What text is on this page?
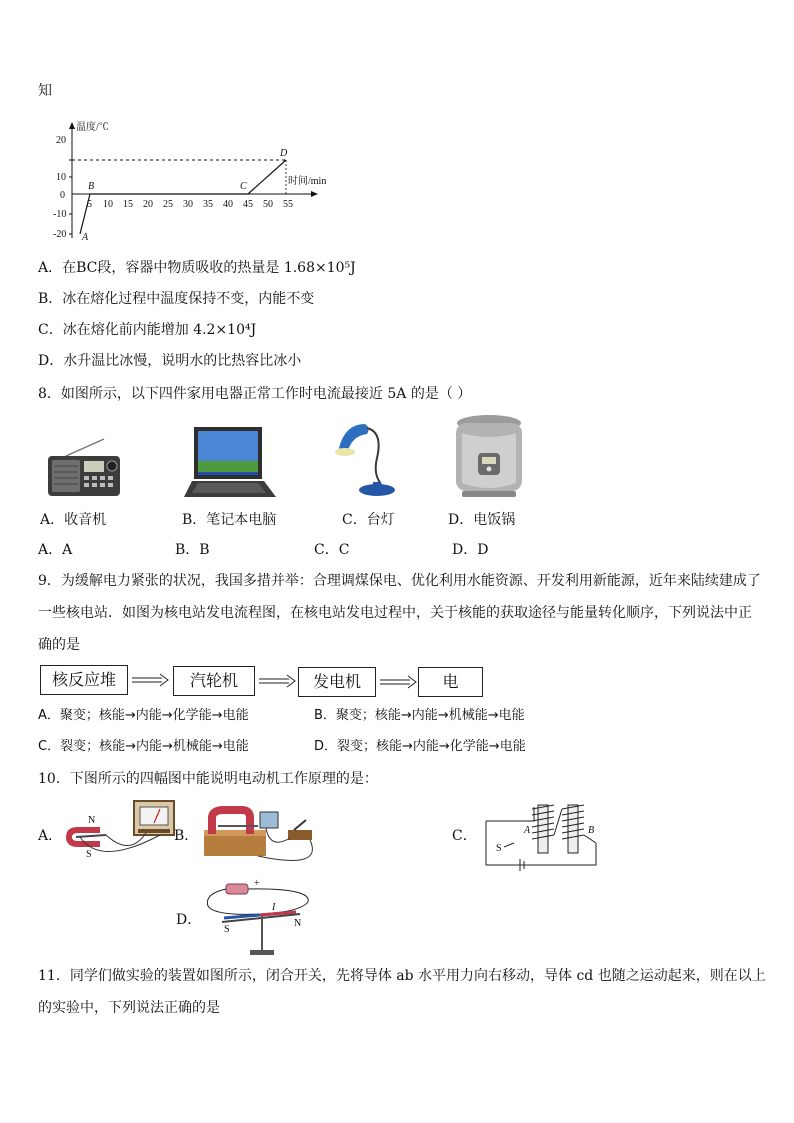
知
温度/℃
时间/min
20
10
0
-10
-20
5 10 15 20 25 30 35 40 45 50 55
A
B	C
D
A．在BC段，容器中物质吸收的热量是 1.68×10⁵J
B．冰在熔化过程中温度保持不变，内能不变
C．冰在熔化前内能增加 4.2×10⁴J
D．水升温比冰慢，说明水的比热容比冰小
8．如图所示，以下四件家用电器正常工作时电流最接近 5A 的是（ ）
A．收音机	B．笔记本电脑	C．台灯	D．电饭锅
A．A	B．B	C．C	D．D
9．为缓解电力紧张的状况，我国多措并举：合理调煤保电、优化利用水能资源、开发利用新能源，近年来陆续建成了
一些核电站．如图为核电站发电流程图，在核电站发电过程中，关于核能的获取途径与能量转化顺序，下列说法中正
确的是
核反应堆	汽轮机	发电机	电
A．聚变；核能→内能→化学能→电能	B．聚变；核能→内能→机械能→电能
C．裂变；核能→内能→机械能→电能	D．裂变；核能→内能→化学能→电能
10．下图所示的四幅图中能说明电动机工作原理的是：
A．
N
S
B．	C．	A	B
S
D．
+
S
N
I
11．同学们做实验的装置如图所示，闭合开关，先将导体 ab 水平用力向右移动，导体 cd 也随之运动起来，则在以上
的实验中，下列说法正确的是
